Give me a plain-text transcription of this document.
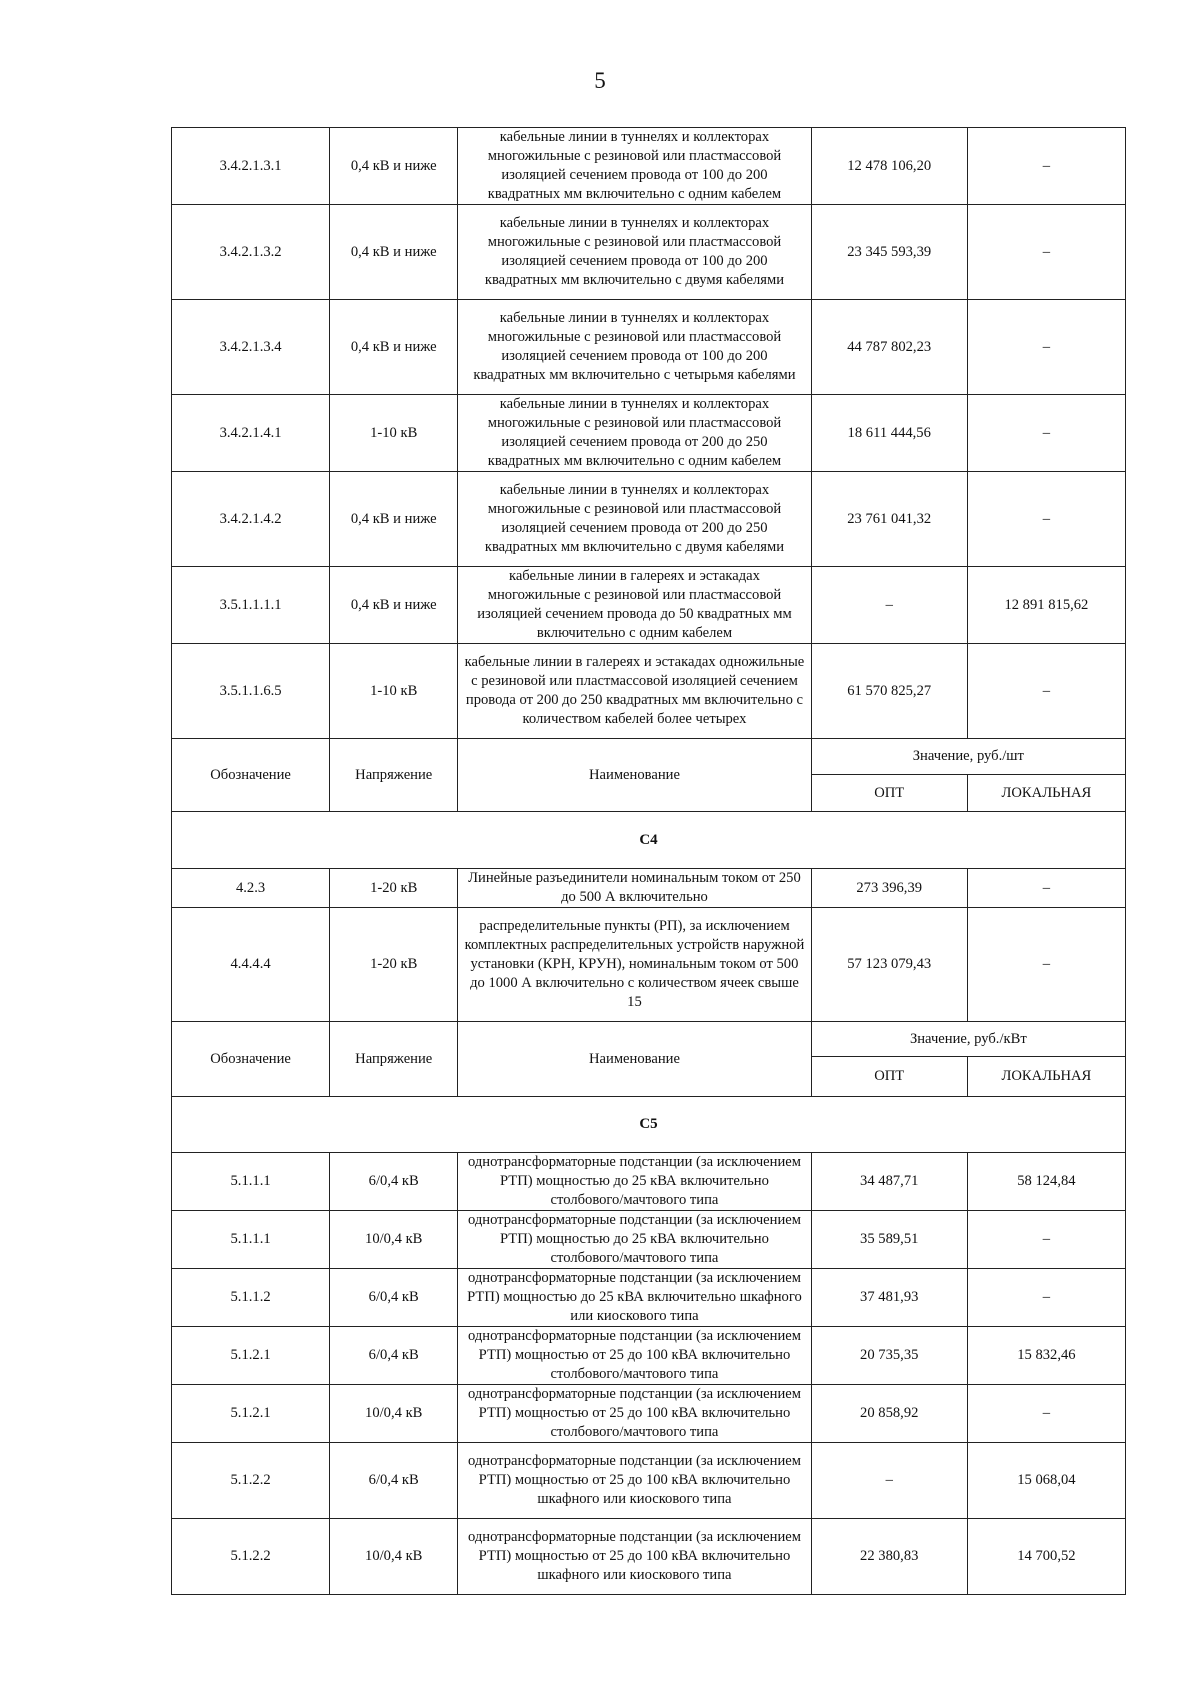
5
3.4.2.1.3.1	0,4 кВ и ниже	кабельные линии в туннелях и коллекторах многожильные с резиновой или пластмассовой изоляцией сечением провода от 100 до 200 квадратных мм включительно с одним кабелем	12 478 106,20	–
3.4.2.1.3.2	0,4 кВ и ниже	кабельные линии в туннелях и коллекторах многожильные с резиновой или пластмассовой изоляцией сечением провода от 100 до 200 квадратных мм включительно с двумя кабелями	23 345 593,39	–
3.4.2.1.3.4	0,4 кВ и ниже	кабельные линии в туннелях и коллекторах многожильные с резиновой или пластмассовой изоляцией сечением провода от 100 до 200 квадратных мм включительно с четырьмя кабелями	44 787 802,23	–
3.4.2.1.4.1	1-10 кВ	кабельные линии в туннелях и коллекторах многожильные с резиновой или пластмассовой изоляцией сечением провода от 200 до 250 квадратных мм включительно с одним кабелем	18 611 444,56	–
3.4.2.1.4.2	0,4 кВ и ниже	кабельные линии в туннелях и коллекторах многожильные с резиновой или пластмассовой изоляцией сечением провода от 200 до 250 квадратных мм включительно с двумя кабелями	23 761 041,32	–
3.5.1.1.1.1	0,4 кВ и ниже	кабельные линии в галереях и эстакадах многожильные с резиновой или пластмассовой изоляцией сечением провода до 50 квадратных мм включительно с одним кабелем	–	12 891 815,62
3.5.1.1.6.5	1-10 кВ	кабельные линии в галереях и эстакадах одножильные с резиновой или пластмассовой изоляцией сечением провода от 200 до 250 квадратных мм включительно с количеством кабелей более четырех	61 570 825,27	–
Обозначение	Напряжение	Наименование	Значение, руб./шт	
			ОПТ	ЛОКАЛЬНАЯ
С4				
4.2.3	1-20 кВ	Линейные разъединители номинальным током от 250 до 500 А включительно	273 396,39	–
4.4.4.4	1-20 кВ	распределительные пункты (РП), за исключением комплектных распределительных устройств наружной установки (КРН, КРУН), номинальным током от 500 до 1000 А включительно с количеством ячеек свыше 15	57 123 079,43	–
Обозначение	Напряжение	Наименование	Значение, руб./кВт	
			ОПТ	ЛОКАЛЬНАЯ
С5				
5.1.1.1	6/0,4 кВ	однотрансформаторные подстанции (за исключением РТП) мощностью до 25 кВА включительно столбового/мачтового типа	34 487,71	58 124,84
5.1.1.1	10/0,4 кВ	однотрансформаторные подстанции (за исключением РТП) мощностью до 25 кВА включительно столбового/мачтового типа	35 589,51	–
5.1.1.2	6/0,4 кВ	однотрансформаторные подстанции (за исключением РТП) мощностью до 25 кВА включительно шкафного или киоскового типа	37 481,93	–
5.1.2.1	6/0,4 кВ	однотрансформаторные подстанции (за исключением РТП) мощностью от 25 до 100 кВА включительно столбового/мачтового типа	20 735,35	15 832,46
5.1.2.1	10/0,4 кВ	однотрансформаторные подстанции (за исключением РТП) мощностью от 25 до 100 кВА включительно столбового/мачтового типа	20 858,92	–
5.1.2.2	6/0,4 кВ	однотрансформаторные подстанции (за исключением РТП) мощностью от 25 до 100 кВА включительно шкафного или киоскового типа	–	15 068,04
5.1.2.2	10/0,4 кВ	однотрансформаторные подстанции (за исключением РТП) мощностью от 25 до 100 кВА включительно шкафного или киоскового типа	22 380,83	14 700,52
